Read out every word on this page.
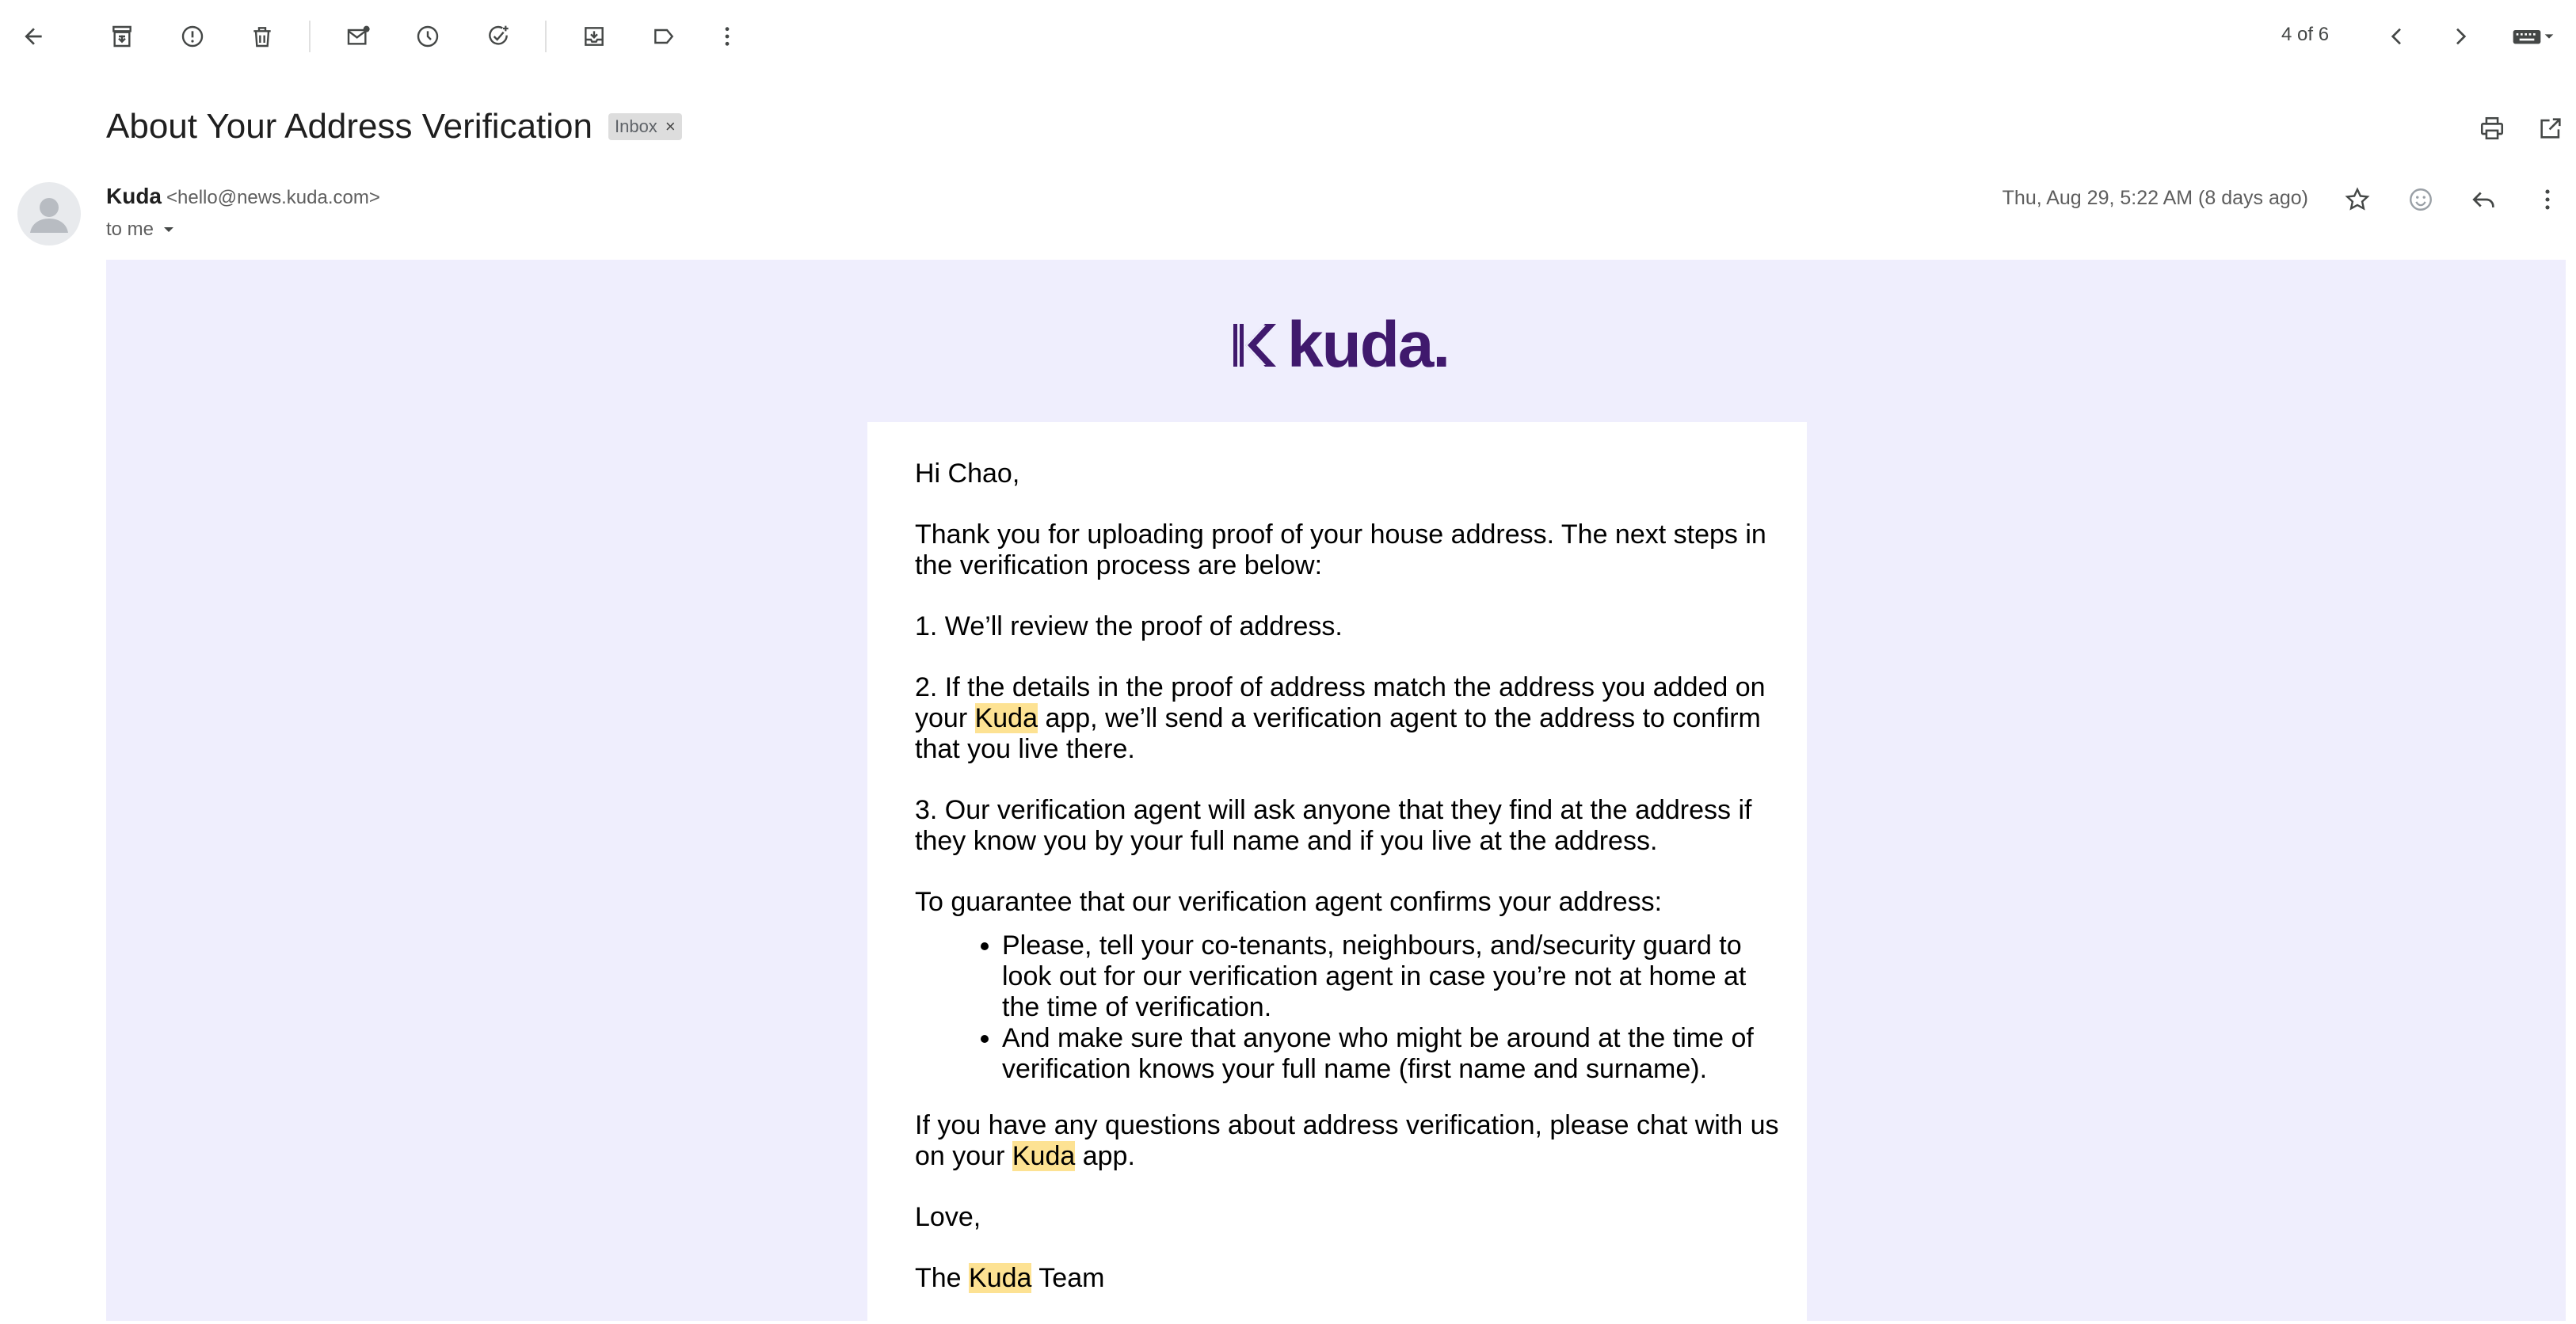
4 of 6
About Your Address Verification Inbox ×
Kuda <hello@news.kuda.com>
to me
Thu, Aug 29, 5:22 AM (8 days ago)
kuda.

Hi Chao,

Thank you for uploading proof of your house address. The next steps in the verification process are below:

1. We’ll review the proof of address.

2. If the details in the proof of address match the address you added on your Kuda app, we’ll send a verification agent to the address to confirm that you live there.

3. Our verification agent will ask anyone that they find at the address if they know you by your full name and if you live at the address.

To guarantee that our verification agent confirms your address:

• Please, tell your co-tenants, neighbours, and/security guard to look out for our verification agent in case you’re not at home at the time of verification.
• And make sure that anyone who might be around at the time of verification knows your full name (first name and surname).

If you have any questions about address verification, please chat with us on your Kuda app.

Love,

The Kuda Team
